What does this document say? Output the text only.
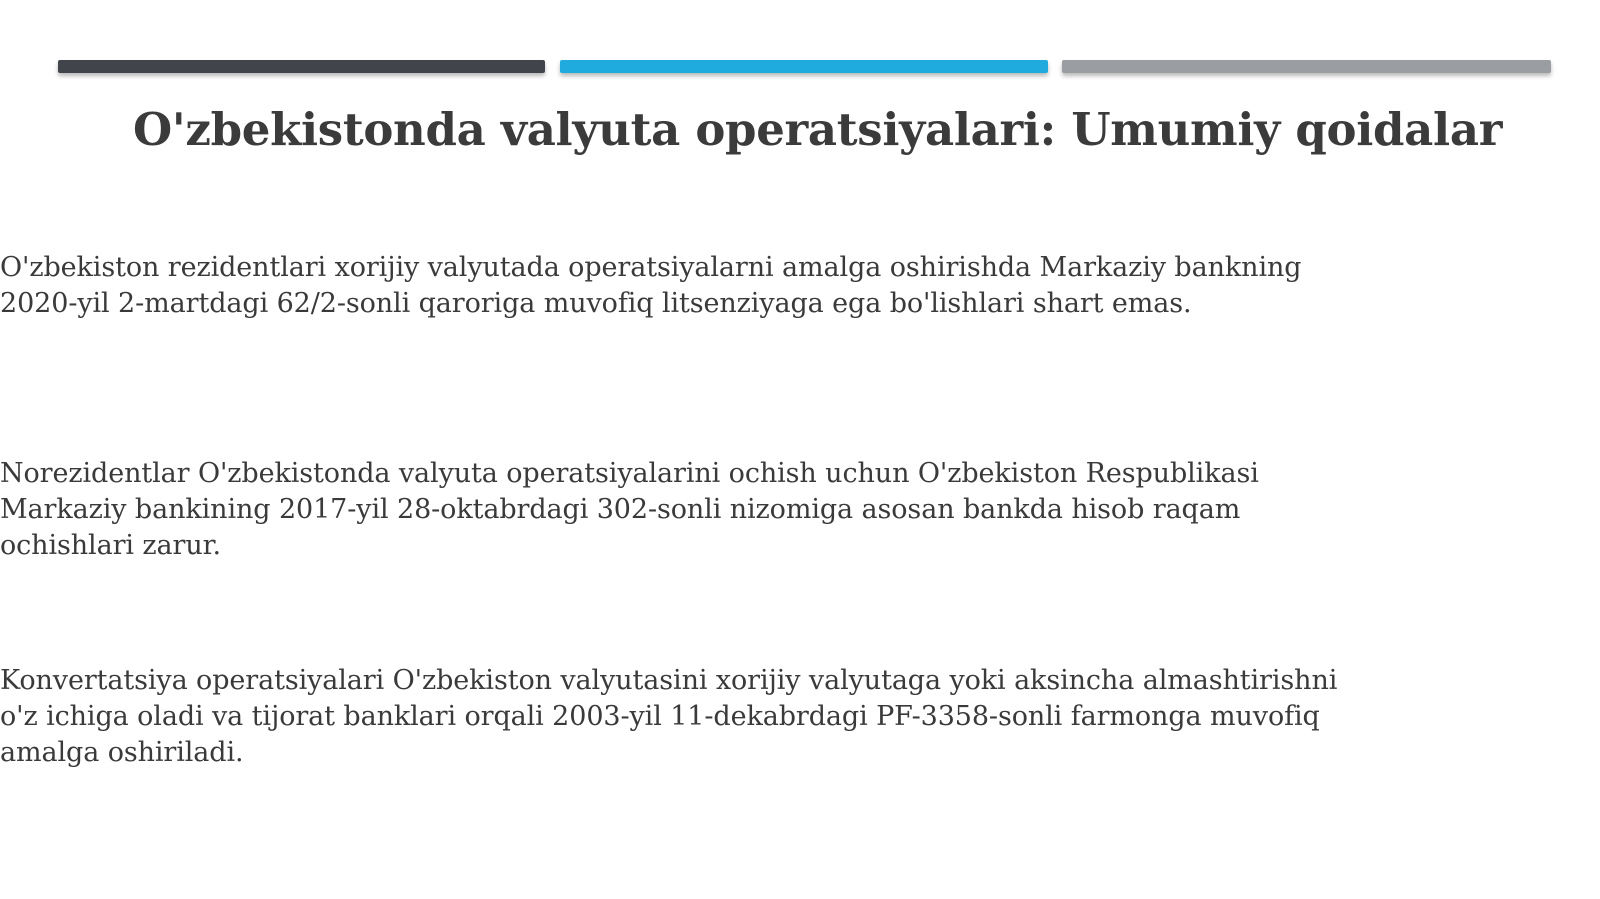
O'zbekistonda valyuta operatsiyalari: Umumiy qoidalar

O'zbekiston rezidentlari xorijiy valyutada operatsiyalarni amalga oshirishda Markaziy bankning 2020-yil 2-martdagi 62/2-sonli qaroriga muvofiq litsenziyaga ega bo'lishlari shart emas.

Norezidentlar O'zbekistonda valyuta operatsiyalarini ochish uchun O'zbekiston Respublikasi Markaziy bankining 2017-yil 28-oktabrdagi 302-sonli nizomiga asosan bankda hisob raqam ochishlari zarur.

Konvertatsiya operatsiyalari O'zbekiston valyutasini xorijiy valyutaga yoki aksincha almashtirishni o'z ichiga oladi va tijorat banklari orqali 2003-yil 11-dekabrdagi PF-3358-sonli farmonga muvofiq amalga oshiriladi.
